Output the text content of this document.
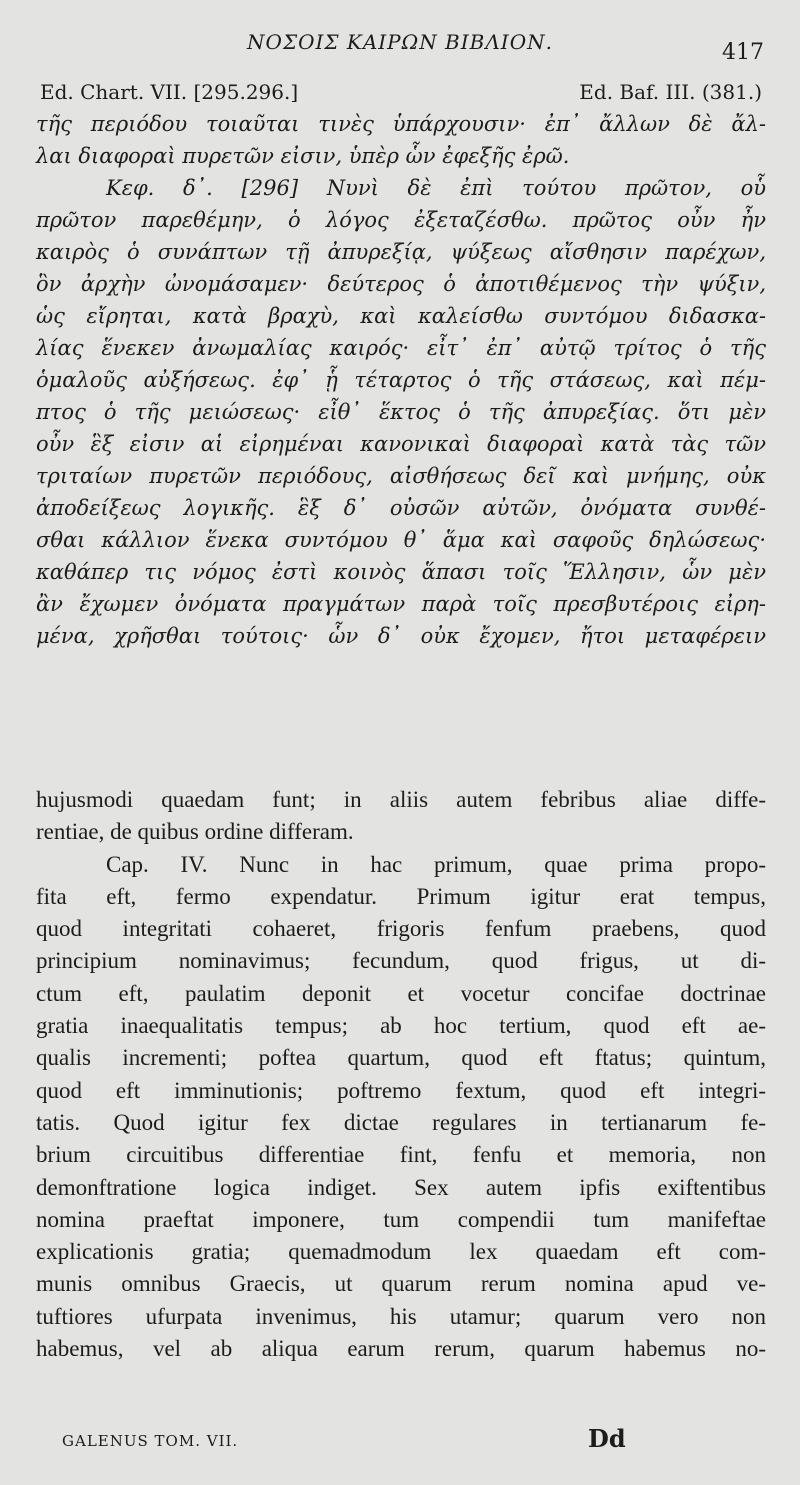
ΝΟΣΟΙΣ ΚΑΙΡΩΝ ΒΙΒΛΙΟΝ.	417
Ed. Chart. VII. [295.296.]	Ed. Baf. III. (381.)
τῆς περιόδου τοιαῦται τινὲς ὑπάρχουσιν· ἐπ᾽ ἄλλων δὲ ἄλ-
λαι διαφοραὶ πυρετῶν εἰσιν, ὑπὲρ ὧν ἐφεξῆς ἐρῶ.
Κεφ. δ᾽. [296] Νυνὶ δὲ ἐπὶ τούτου πρῶτον, οὗ
πρῶτον παρεθέμην, ὁ λόγος ἐξεταζέσθω. πρῶτος οὖν ἦν
καιρὸς ὁ συνάπτων τῇ ἀπυρεξίᾳ, ψύξεως αἴσθησιν παρέχων,
ὃν ἀρχὴν ὠνομάσαμεν· δεύτερος ὁ ἀποτιθέμενος τὴν ψύξιν,
ὡς εἴρηται, κατὰ βραχὺ, καὶ καλείσθω συντόμου διδασκα-
λίας ἕνεκεν ἀνωμαλίας καιρός· εἶτ᾽ ἐπ᾽ αὐτῷ τρίτος ὁ τῆς
ὁμαλοῦς αὐξήσεως. ἐφ᾽ ᾗ τέταρτος ὁ τῆς στάσεως, καὶ πέμ-
πτος ὁ τῆς μειώσεως· εἶθ᾽ ἕκτος ὁ τῆς ἀπυρεξίας. ὅτι μὲν
οὖν ἓξ εἰσιν αἱ εἰρημέναι κανονικαὶ διαφοραὶ κατὰ τὰς τῶν
τριταίων πυρετῶν περιόδους, αἰσθήσεως δεῖ καὶ μνήμης, οὐκ
ἀποδείξεως λογικῆς. ἓξ δ᾽ οὐσῶν αὐτῶν, ὀνόματα συνθέ-
σθαι κάλλιον ἕνεκα συντόμου θ᾽ ἅμα καὶ σαφοῦς δηλώσεως·
καθάπερ τις νόμος ἐστὶ κοινὸς ἅπασι τοῖς Ἕλλησιν, ὧν μὲν
ἂν ἔχωμεν ὀνόματα πραγμάτων παρὰ τοῖς πρεσβυτέροις εἰρη-
μένα, χρῆσθαι τούτοις· ὧν δ᾽ οὐκ ἔχομεν, ἤτοι μεταφέρειν
hujusmodi quaedam funt; in aliis autem febribus aliae diffe-
rentiae, de quibus ordine differam.
Cap. IV. Nunc in hac primum, quae prima propo-
fita eft, fermo expendatur. Primum igitur erat tempus,
quod integritati cohaeret, frigoris fenfum praebens, quod
principium nominavimus; fecundum, quod frigus, ut di-
ctum eft, paulatim deponit et vocetur concifae doctrinae
gratia inaequalitatis tempus; ab hoc tertium, quod eft ae-
qualis incrementi; poftea quartum, quod eft ftatus; quintum,
quod eft imminutionis; poftremo fextum, quod eft integri-
tatis. Quod igitur fex dictae regulares in tertianarum fe-
brium circuitibus differentiae fint, fenfu et memoria, non
demonftratione logica indiget. Sex autem ipfis exiftentibus
nomina praeftat imponere, tum compendii tum manifeftae
explicationis gratia; quemadmodum lex quaedam eft com-
munis omnibus Graecis, ut quarum rerum nomina apud ve-
tuftiores ufurpata invenimus, his utamur; quarum vero non
habemus, vel ab aliqua earum rerum, quarum habemus no-
GALENUS TOM. VII.	Dd
